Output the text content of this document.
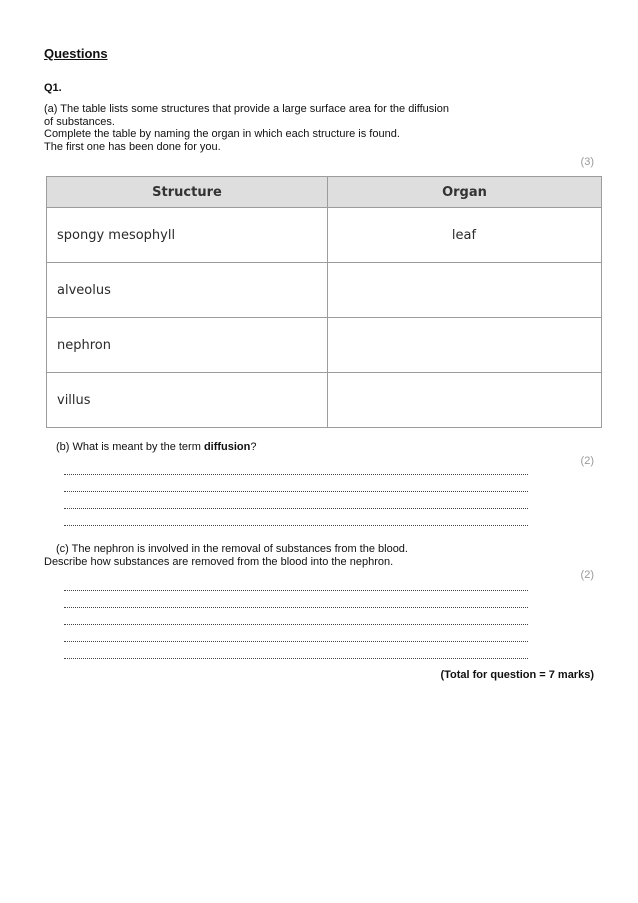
Questions
Q1.
(a) The table lists some structures that provide a large surface area for the diffusion
of substances.
Complete the table by naming the organ in which each structure is found.
The first one has been done for you.
(3)
Structure	Organ
spongy mesophyll	leaf
alveolus	
nephron	
villus	
(b) What is meant by the term diffusion?
(2)
(c) The nephron is involved in the removal of substances from the blood.
Describe how substances are removed from the blood into the nephron.
(2)
(Total for question = 7 marks)
